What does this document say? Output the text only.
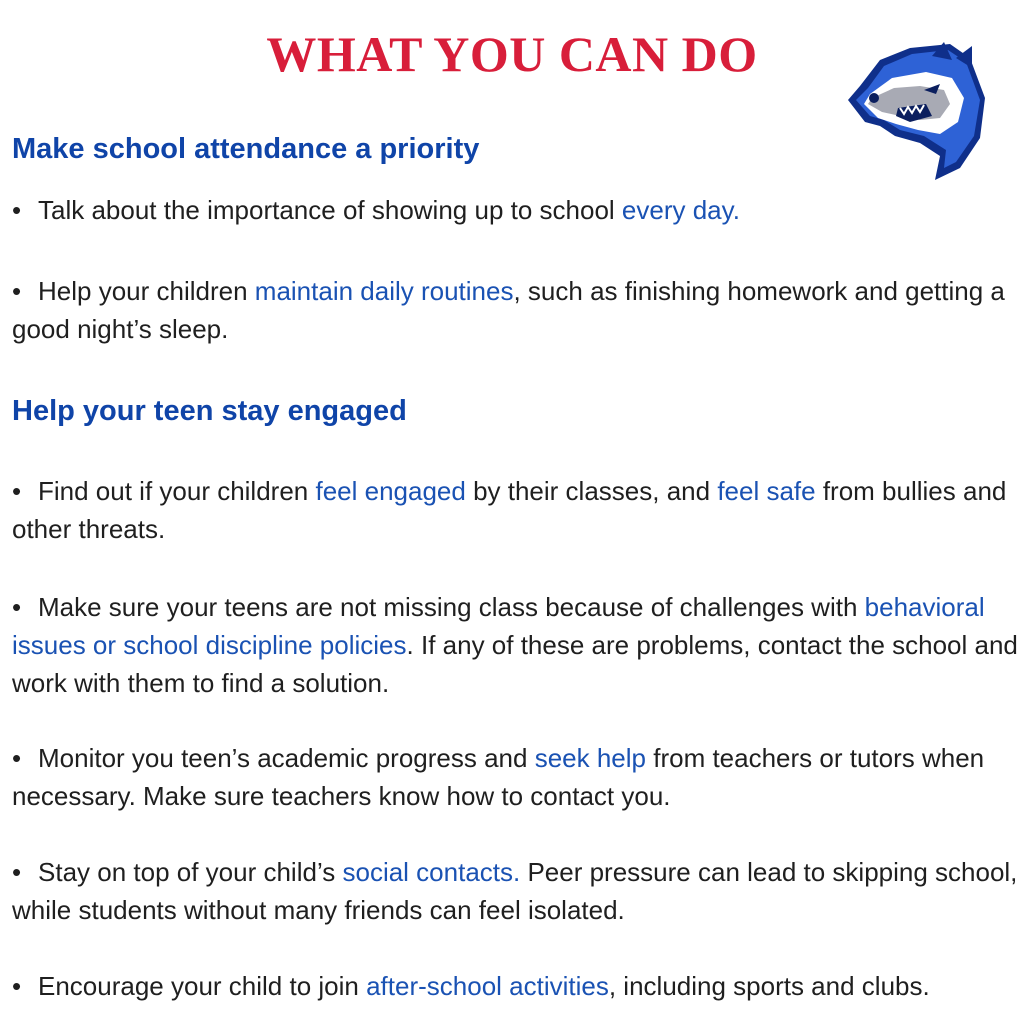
WHAT YOU CAN DO
Make school attendance a priority
• Talk about the importance of showing up to school every day.
• Help your children maintain daily routines, such as finishing homework and getting a good night’s sleep.
Help your teen stay engaged
• Find out if your children feel engaged by their classes, and feel safe from bullies and other threats.
• Make sure your teens are not missing class because of challenges with behavioral issues or school discipline policies. If any of these are problems, contact the school and work with them to find a solution.
• Monitor you teen’s academic progress and seek help from teachers or tutors when necessary. Make sure teachers know how to contact you.
• Stay on top of your child’s social contacts. Peer pressure can lead to skipping school, while students without many friends can feel isolated.
• Encourage your child to join after-school activities, including sports and clubs.
